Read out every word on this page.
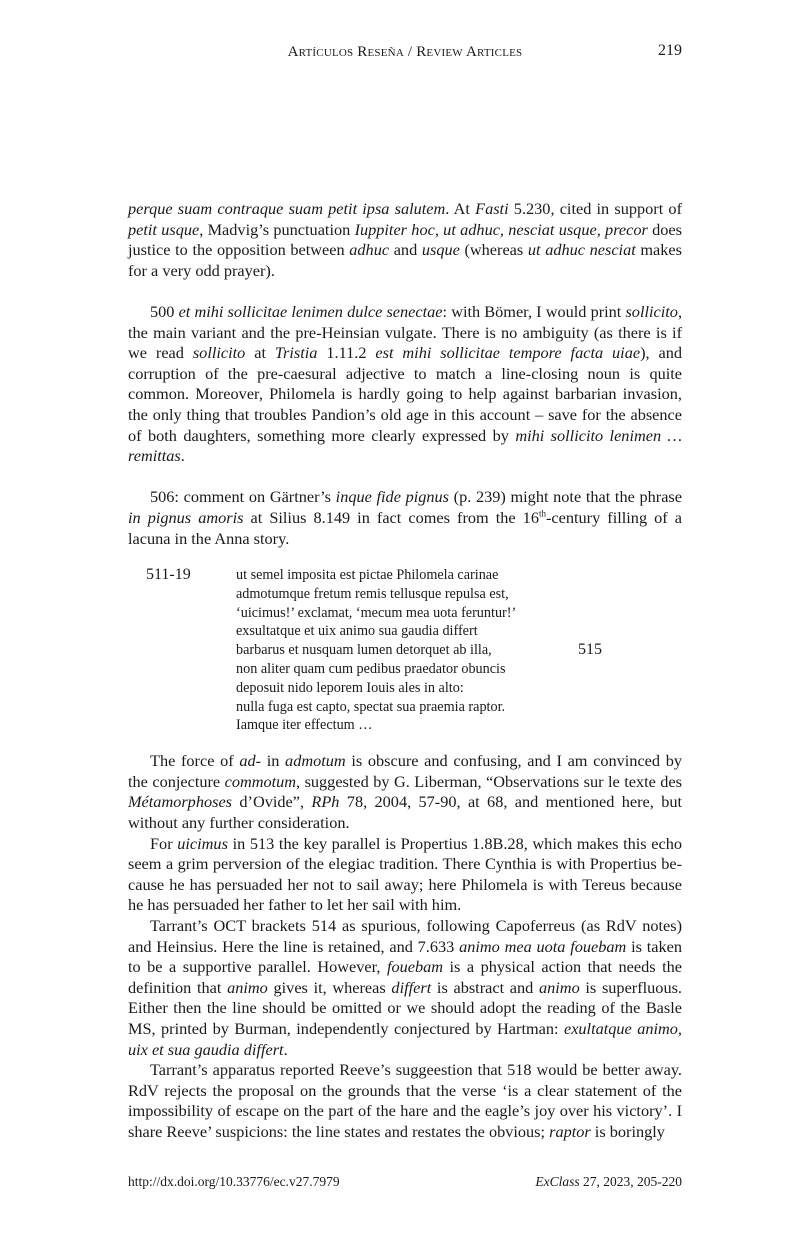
Artículos Reseña / Review Articles	219

perque suam contraque suam petit ipsa salutem. At Fasti 5.230, cited in support of petit usque, Madvig’s punctuation Iuppiter hoc, ut adhuc, nesciat usque, precor does justice to the opposition between adhuc and usque (whereas ut adhuc nesciat makes for a very odd prayer).

500 et mihi sollicitae lenimen dulce senectae: with Bömer, I would print sollicito, the main variant and the pre-Heinsian vulgate. There is no ambiguity (as there is if we read sollicito at Tristia 1.11.2 est mihi sollicitae tempore facta uiae), and corruption of the pre-caesural adjective to match a line-closing noun is quite common. Moreover, Philomela is hardly going to help against barbarian invasion, the only thing that troubles Pandion’s old age in this account – save for the absence of both daughters, something more clearly expressed by mihi sollicito lenimen … remittas.

506: comment on Gärtner’s inque fide pignus (p. 239) might note that the phrase in pignus amoris at Silius 8.149 in fact comes from the 16th-century filling of a lacuna in the Anna story.

511-19	ut semel imposita est pictae Philomela carinae
admotumque fretum remis tellusque repulsa est,
‘uicimus!’ exclamat, ‘mecum mea uota feruntur!’
exsultatque et uix animo sua gaudia differt
barbarus et nusquam lumen detorquet ab illa,	515
non aliter quam cum pedibus praedator obuncis
deposuit nido leporem Iouis ales in alto:
nulla fuga est capto, spectat sua praemia raptor.
Iamque iter effectum …

The force of ad- in admotum is obscure and confusing, and I am convinced by the conjecture commotum, suggested by G. Liberman, “Observations sur le texte des Métamorphoses d’Ovide”, RPh 78, 2004, 57-90, at 68, and mentioned here, but without any further consideration.

For uicimus in 513 the key parallel is Propertius 1.8B.28, which makes this echo seem a grim perversion of the elegiac tradition. There Cynthia is with Propertius because he has persuaded her not to sail away; here Philomela is with Tereus because he has persuaded her father to let her sail with him.

Tarrant’s OCT brackets 514 as spurious, following Capoferreus (as RdV notes) and Heinsius. Here the line is retained, and 7.633 animo mea uota fouebam is taken to be a supportive parallel. However, fouebam is a physical action that needs the definition that animo gives it, whereas differt is abstract and animo is superfluous. Either then the line should be omitted or we should adopt the reading of the Basle MS, printed by Burman, independently conjectured by Hartman: exultatque animo, uix et sua gaudia differt.

Tarrant’s apparatus reported Reeve’s suggeestion that 518 would be better away. RdV rejects the proposal on the grounds that the verse ‘is a clear statement of the impossibility of escape on the part of the hare and the eagle’s joy over his victory’. I share Reeve’ suspicions: the line states and restates the obvious; raptor is boringly

http://dx.doi.org/10.33776/ec.v27.7979	ExClass 27, 2023, 205-220
